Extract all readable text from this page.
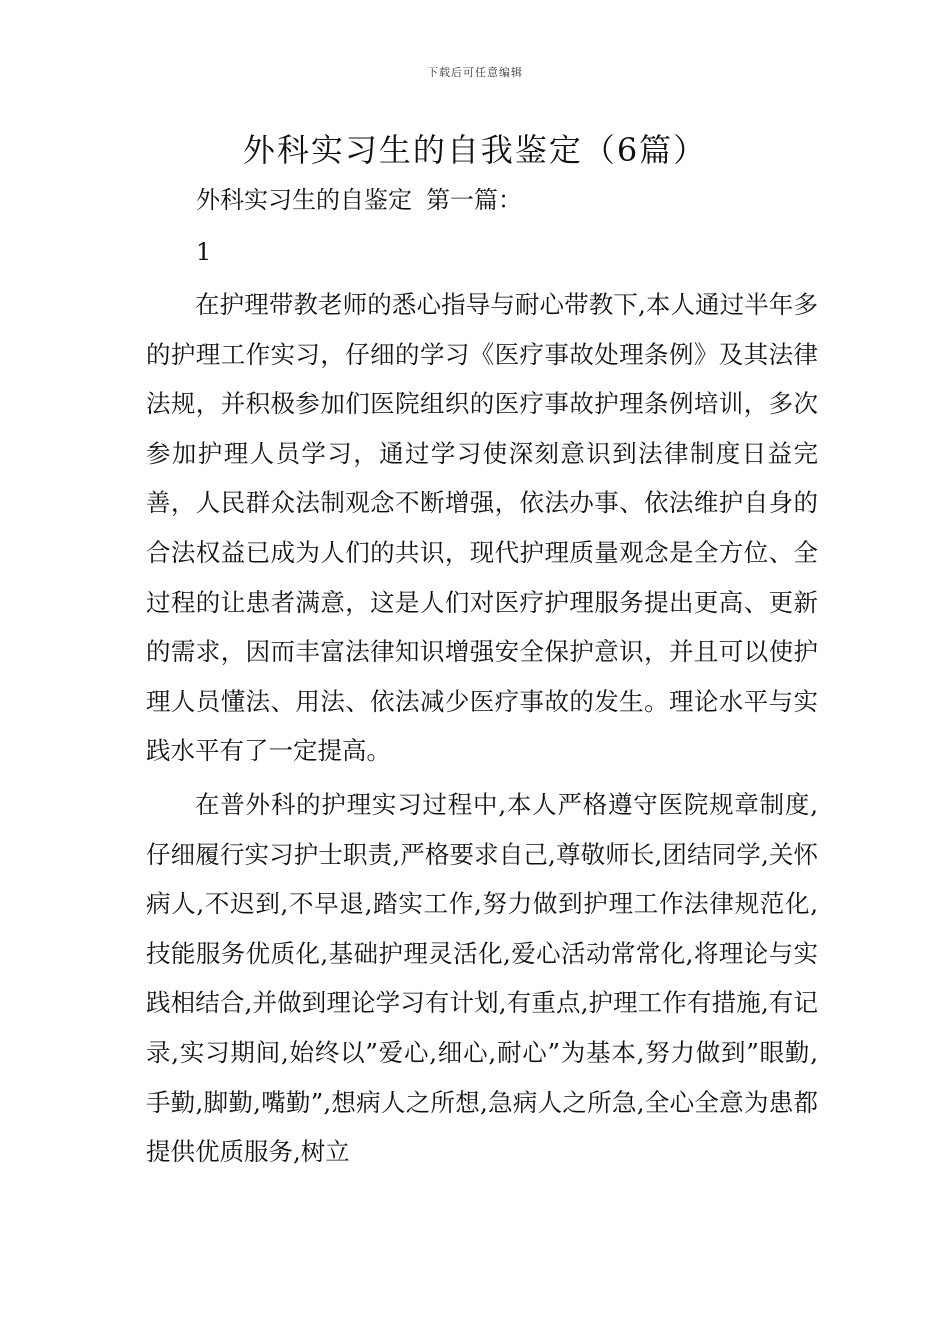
下载后可任意编辑
外科实习生的自我鉴定（6篇）
外科实习生的自鉴定 第一篇：
1

在护理带教老师的悉心指导与耐心带教下,本人通过半年多的护理工作实习，仔细的学习《医疗事故处理条例》及其法律法规，并积极参加们医院组织的医疗事故护理条例培训，多次参加护理人员学习，通过学习使深刻意识到法律制度日益完善，人民群众法制观念不断增强，依法办事、依法维护自身的合法权益已成为人们的共识，现代护理质量观念是全方位、全过程的让患者满意，这是人们对医疗护理服务提出更高、更新的需求，因而丰富法律知识增强安全保护意识，并且可以使护理人员懂法、用法、依法减少医疗事故的发生。理论水平与实践水平有了一定提高。

在普外科的护理实习过程中,本人严格遵守医院规章制度,仔细履行实习护士职责,严格要求自己,尊敬师长,团结同学,关怀病人,不迟到,不早退,踏实工作,努力做到护理工作法律规范化,技能服务优质化,基础护理灵活化,爱心活动常常化,将理论与实践相结合,并做到理论学习有计划,有重点,护理工作有措施,有记录,实习期间,始终以”爱心,细心,耐心”为基本,努力做到”眼勤,手勤,脚勤,嘴勤”,想病人之所想,急病人之所急,全心全意为患都提供优质服务,树立
